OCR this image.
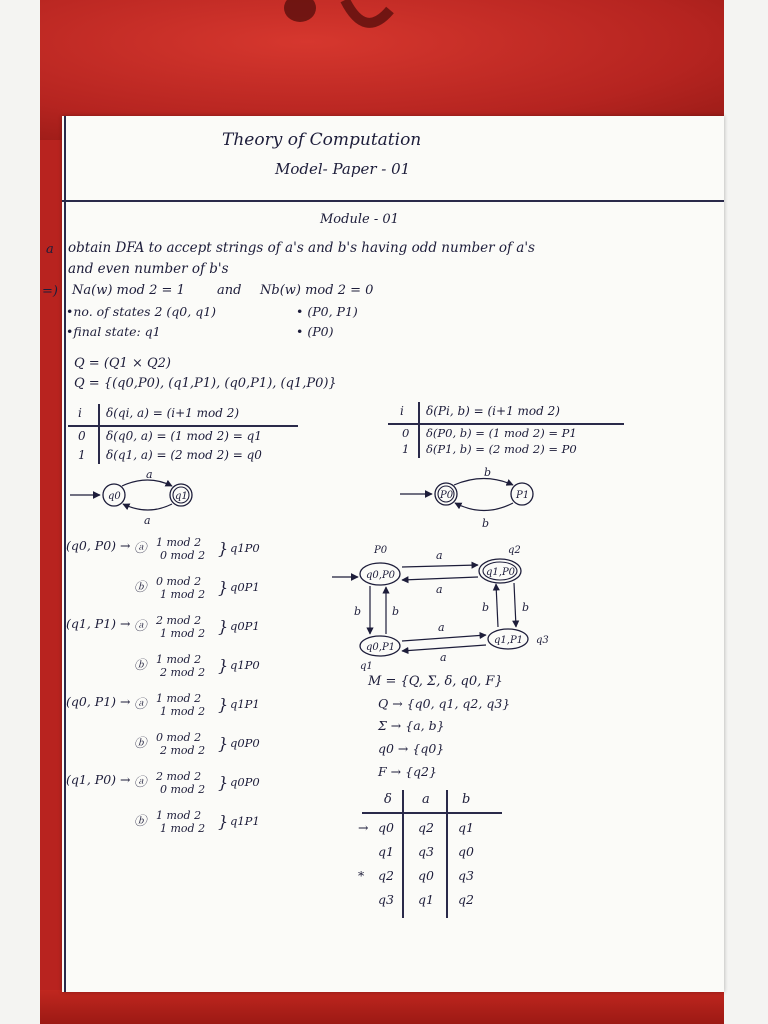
Theory of Computation
Model- Paper - 01
Module - 01
a obtain DFA to accept strings of a's and b's having odd number of a's
and even number of b's
=) Na(w) mod 2 = 1 and Nb(w) mod 2 = 0
•no. of states 2 (q0, q1)	• (P0, P1)
•final state: q1	• (P0)
Q = (Q1 × Q2)
Q = {(q0,P0), (q1,P1), (q0,P1), (q1,P0)}
i δ(qi, a) = (i+1 mod 2)
0 δ(q0, a) = (1 mod 2) = q1
1 δ(q1, a) = (2 mod 2) = q0
i δ(Pi, b) = (i+1 mod 2)
0 δ(P0, b) = (1 mod 2) = P1
1 δ(P1, b) = (2 mod 2) = P0
q0	q1
a
a
P0	P1
b
b
(q0, P0) → ⓐ 1 mod 2
0 mod 2 } q1P0
ⓑ 0 mod 2
1 mod 2 } q0P1
(q1, P1) → ⓐ 2 mod 2
1 mod 2 } q0P1
ⓑ 1 mod 2
2 mod 2 } q1P0
(q0, P1) → ⓐ 1 mod 2
1 mod 2 } q1P1
ⓑ 0 mod 2
2 mod 2 } q0P0
(q1, P0) → ⓐ 2 mod 2
0 mod 2 } q0P0
ⓑ 1 mod 2
1 mod 2 } q1P1
q0,P0	q1,P0
q0,P1
q1,P1
P0	q2
q1
q3
a
a
a
a
b	b	b	b
M = {Q, Σ, δ, q0, F}
Q → {q0, q1, q2, q3}
Σ → {a, b}
q0 → {q0}
F → {q2}
δ a b
→ q0 q2 q1
q1 q3 q0
* q2 q0 q3
q3 q1 q2
